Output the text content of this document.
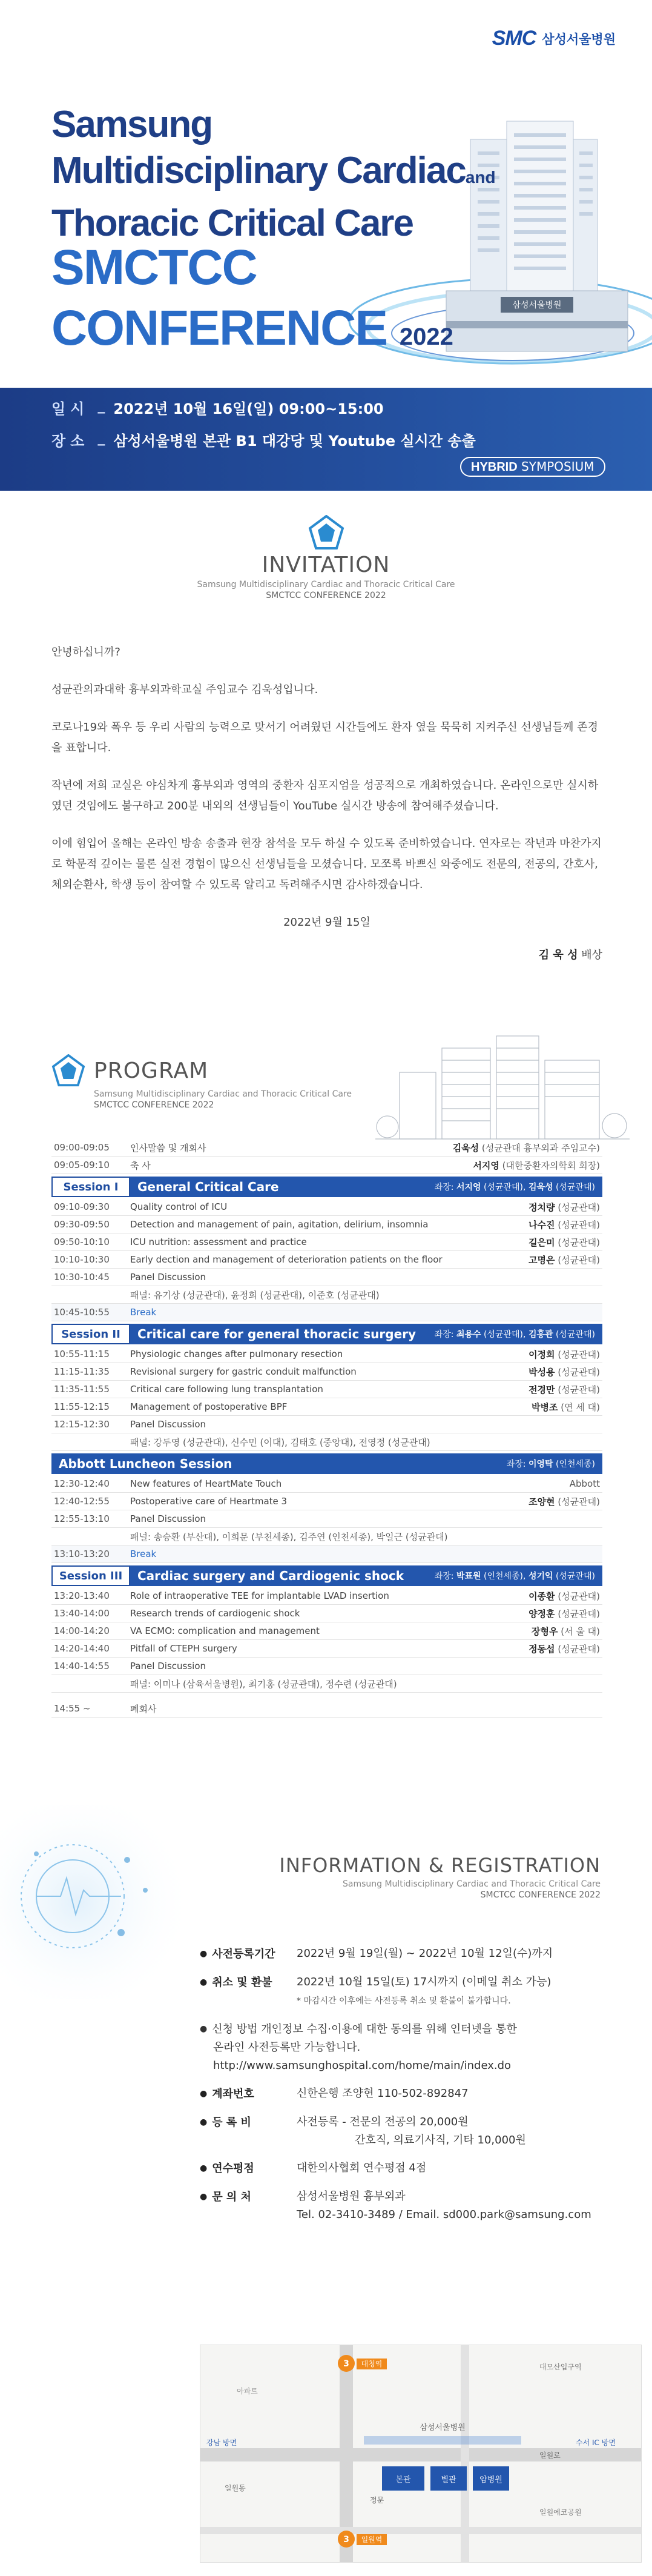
SMC 삼성서울병원
삼성서울병원
Samsung
Multidisciplinary Cardiacand
Thoracic Critical Care
SMCTCC
CONFERENCE 2022
일시 _ 2022년 10월 16일(일) 09:00~15:00
장소 _ 삼성서울병원 본관 B1 대강당 및 Youtube 실시간 송출
HYBRID SYMPOSIUM
INVITATION
Samsung Multidisciplinary Cardiac and Thoracic Critical Care
SMCTCC CONFERENCE 2022

안녕하십니까?

성균관의과대학 흉부외과학교실 주임교수 김욱성입니다.

코로나19와 폭우 등 우리 사람의 능력으로 맞서기 어려웠던 시간들에도 환자 옆을 묵묵히 지켜주신 선생님들께 존경을 표합니다.

작년에 저희 교실은 야심차게 흉부외과 영역의 중환자 심포지엄을 성공적으로 개최하였습니다. 온라인으로만 실시하였던 것임에도 불구하고 200분 내외의 선생님들이 YouTube 실시간 방송에 참여해주셨습니다.

이에 힘입어 올해는 온라인 방송 송출과 현장 참석을 모두 하실 수 있도록 준비하였습니다. 연자로는 작년과 마찬가지로 학문적 깊이는 물론 실전 경험이 많으신 선생님들을 모셨습니다. 모쪼록 바쁘신 와중에도 전문의, 전공의, 간호사, 체외순환사, 학생 등이 참여할 수 있도록 알리고 독려해주시면 감사하겠습니다.

2022년 9월 15일
김 욱 성 배상
PROGRAM
Samsung Multidisciplinary Cardiac and Thoracic Critical Care
SMCTCC CONFERENCE 2022
09:00-09:05	인사말씀 및 개회사	김욱성 (성균관대 흉부외과 주임교수)
09:05-09:10	축 사	서지영 (대한중환자의학회 회장)
Session I	General Critical Care	좌장: 서지영 (성균관대), 김욱성 (성균관대)
09:10-09:30	Quality control of ICU	정치량 (성균관대)
09:30-09:50	Detection and management of pain, agitation, delirium, insomnia	나수진 (성균관대)
09:50-10:10	ICU nutrition: assessment and practice	길은미 (성균관대)
10:10-10:30	Early dection and management of deterioration patients on the floor	고명은 (성균관대)
10:30-10:45	Panel Discussion
패널: 유기상 (성균관대), 윤정희 (성균관대), 이준호 (성균관대)
10:45-10:55	Break
Session II	Critical care for general thoracic surgery 좌장: 최용수 (성균관대), 김홍관 (성균관대)
10:55-11:15	Physiologic changes after pulmonary resection	이정희 (성균관대)
11:15-11:35	Revisional surgery for gastric conduit malfunction	박성용 (성균관대)
11:35-11:55	Critical care following lung transplantation	전경만 (성균관대)
11:55-12:15	Management of postoperative BPF	박병조 (연 세 대)
12:15-12:30	Panel Discussion
패널: 강두영 (성균관대), 신수민 (이대), 김태호 (중앙대), 전영정 (성균관대)
Abbott Luncheon Session	좌장: 이영탁 (인천세종)
12:30-12:40	New features of HeartMate Touch	Abbott
12:40-12:55	Postoperative care of Heartmate 3	조양현 (성균관대)
12:55-13:10	Panel Discussion
패널: 송승환 (부산대), 이희문 (부천세종), 김주연 (인천세종), 박일근 (성균관대)
13:10-13:20	Break
Session III	Cardiac surgery and Cardiogenic shock	좌장: 박표원 (인천세종), 성기익 (성균관대)
13:20-13:40	Role of intraoperative TEE for implantable LVAD insertion	이종환 (성균관대)
13:40-14:00	Research trends of cardiogenic shock	양정훈 (성균관대)
14:00-14:20	VA ECMO: complication and management	장형우 (서 울 대)
14:20-14:40	Pitfall of CTEPH surgery	정동섭 (성균관대)
14:40-14:55	Panel Discussion
패널: 이미나 (삼육서울병원), 최기홍 (성균관대), 정수련 (성균관대)
14:55 ~	폐회사
INFORMATION & REGISTRATION
Samsung Multidisciplinary Cardiac and Thoracic Critical Care
SMCTCC CONFERENCE 2022
● 사전등록기간	2022년 9월 19일(월) ~ 2022년 10월 12일(수)까지
● 취소 및 환불	2022년 10월 15일(토) 17시까지 (이메일 취소 가능)
* 마감시간 이후에는 사전등록 취소 및 환불이 불가합니다.
● 신청 방법 개인정보 수집·이용에 대한 동의를 위해 인터넷을 통한
온라인 사전등록만 가능합니다.
http://www.samsunghospital.com/home/main/index.do
● 계좌번호	신한은행 조양현 110-502-892847
● 등 록 비	사전등록 - 전문의 전공의 20,000원
간호직, 의료기사직, 기타 10,000원
● 연수평점	대한의사협회 연수평점 4점
● 문 의 처	삼성서울병원 흉부외과
Tel. 02-3410-3489 / Email. sd000.park@samsung.com
본관	별관	암병원
삼성서울병원
일원로
정문
강남 방면	수서 IC 방면
대모산입구역
일원동
일원에코공원
아파트
3 대청역
3 일원역
